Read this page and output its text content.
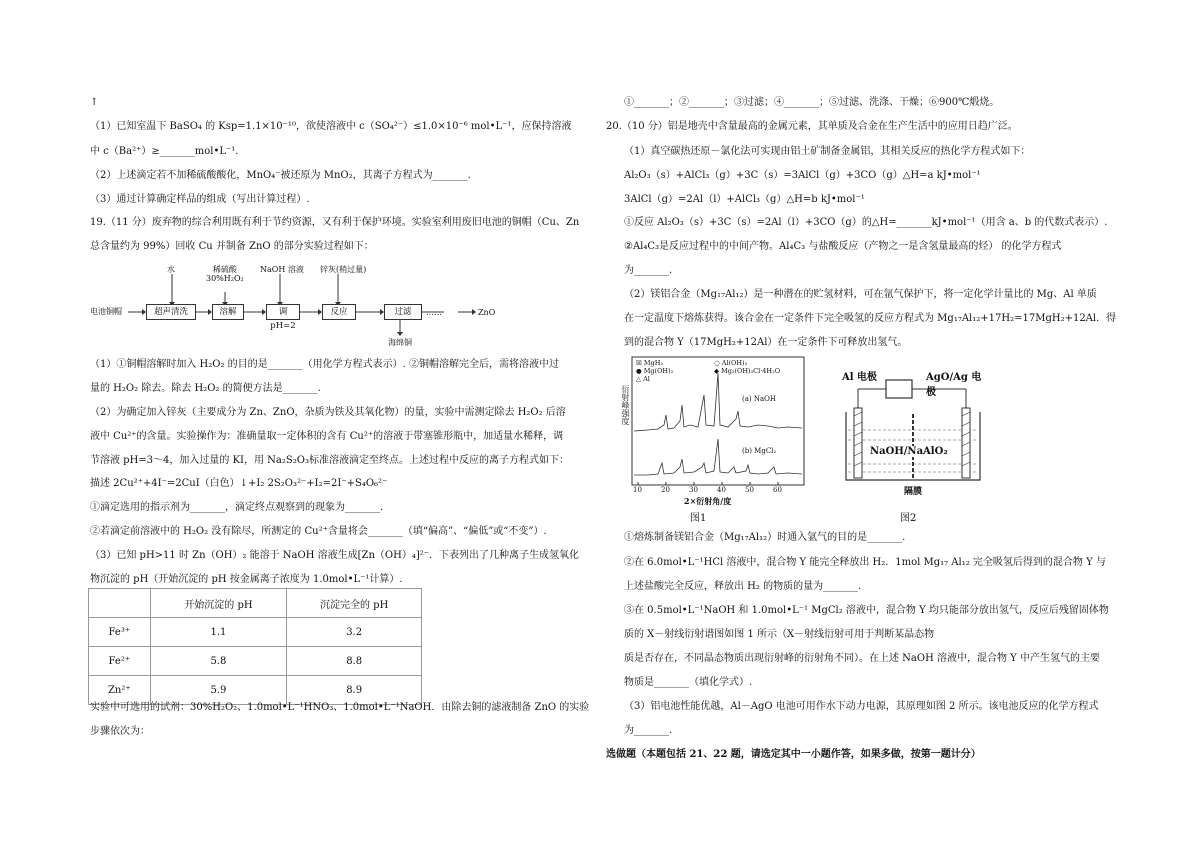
↑
（1）已知室温下 BaSO₄ 的 Ksp=1.1×10⁻¹⁰，欲使溶液中 c（SO₄²⁻）≤1.0×10⁻⁶ mol•L⁻¹，应保持溶液
中 c（Ba²⁺）≥_______mol•L⁻¹.
（2）上述滴定若不加稀硫酸酸化，MnO₄⁻被还原为 MnO₂，其离子方程式为_______.
（3）通过计算确定样品的组成（写出计算过程）.
19.（11 分）废弃物的综合利用既有利于节约资源，又有利于保护环境。实验室利用废旧电池的铜帽（Cu、Zn
总含量约为 99%）回收 Cu 并制备 ZnO 的部分实验过程如下：
电池铜帽	超声清洗	溶解	调pH=2
反应	过滤
水	稀硫酸
30%H₂O₂
NaOH 溶液 锌灰(稍过量)
海绵铜
……	ZnO
（1）①铜帽溶解时加入 H₂O₂ 的目的是_______（用化学方程式表示）. ②铜帽溶解完全后，需将溶液中过
量的 H₂O₂ 除去。除去 H₂O₂ 的简便方法是_______.
（2）为确定加入锌灰（主要成分为 Zn、ZnO，杂质为铁及其氧化物）的量，实验中需测定除去 H₂O₂ 后溶
液中 Cu²⁺的含量。实验操作为：准确量取一定体积的含有 Cu²⁺的溶液于带塞锥形瓶中，加适量水稀释，调
节溶液 pH=3～4，加入过量的 KI，用 Na₂S₂O₃标准溶液滴定至终点。上述过程中反应的离子方程式如下：
描述 2Cu²⁺+4I⁻=2CuI（白色）↓+I₂ 2S₂O₃²⁻+I₂=2I⁻+S₄O₆²⁻
①滴定选用的指示剂为_______，滴定终点观察到的现象为_______.
②若滴定前溶液中的 H₂O₂ 没有除尽，所测定的 Cu²⁺含量将会_______（填“偏高”、“偏低”或“不变”）.
（3）已知 pH>11 时 Zn（OH）₂ 能溶于 NaOH 溶液生成[Zn（OH）₄]²⁻．下表列出了几种离子生成氢氧化
物沉淀的 pH（开始沉淀的 pH 按金属离子浓度为 1.0mol•L⁻¹计算）.
	开始沉淀的 pH	沉淀完全的 pH
Fe³⁺	1.1	3.2
Fe²⁺	5.8	8.8
Zn²⁺	5.9	8.9
实验中可选用的试剂：30%H₂O₂、1.0mol•L⁻¹HNO₃、1.0mol•L⁻¹NaOH．由除去铜的滤液制备 ZnO 的实验
步骤依次为：
①_______；②_______；③过滤；④_______；⑤过滤、洗涤、干燥；⑥900℃煅烧。
20.（10 分）铝是地壳中含量最高的金属元素，其单质及合金在生产生活中的应用日趋广泛。
（1）真空碳热还原－氯化法可实现由铝土矿制备金属铝，其相关反应的热化学方程式如下：
Al₂O₃（s）+AlCl₃（g）+3C（s）=3AlCl（g）+3CO（g）△H=a kJ•mol⁻¹
3AlCl（g）=2Al（l）+AlCl₃（g）△H=b kJ•mol⁻¹
①反应 Al₂O₃（s）+3C（s）=2Al（l）+3CO（g）的△H=_______kJ•mol⁻¹（用含 a、b 的代数式表示）.
②Al₄C₃是反应过程中的中间产物。Al₄C₃ 与盐酸反应（产物之一是含氢量最高的烃） 的化学方程式
为_______.
（2）镁铝合金（Mg₁₇Al₁₂）是一种潜在的贮氢材料，可在氩气保护下，将一定化学计量比的 Mg、Al 单质
在一定温度下熔炼获得。该合金在一定条件下完全吸氢的反应方程式为 Mg₁₇Al₁₂+17H₂=17MgH₂+12Al．得
到的混合物 Y（17MgH₂+12Al）在一定条件下可释放出氢气。
☒ MgH₂
● Mg(OH)₂
△ Al
○ Al(OH)₃
◆ Mg₂(OH)₃Cl·4H₂O
衍射峰强度	(a) NaOH
(b) MgCl₂
10	20	30	40	50	60
2×衍射角/度
图1
Al 电极	AgO/Ag 电极
NaOH/NaAlO₂
隔膜
图2
①熔炼制备镁铝合金（Mg₁₇Al₁₂）时通入氩气的目的是_______.
②在 6.0mol•L⁻¹HCl 溶液中，混合物 Y 能完全释放出 H₂．1mol Mg₁₇ Al₁₂ 完全吸氢后得到的混合物 Y 与
上述盐酸完全反应，释放出 H₂ 的物质的量为_______.
③在 0.5mol•L⁻¹NaOH 和 1.0mol•L⁻¹ MgCl₂ 溶液中，混合物 Y 均只能部分放出氢气，反应后残留固体物
质的 X－射线衍射谱图如图 1 所示（X－射线衍射可用于判断某晶态物
质是否存在，不同晶态物质出现衍射峰的衍射角不同）。在上述 NaOH 溶液中，混合物 Y 中产生氢气的主要
物质是_______（填化学式）.
（3）铝电池性能优越，Al－AgO 电池可用作水下动力电源，其原理如图 2 所示。该电池反应的化学方程式
为_______.
选做题（本题包括 21、22 题，请选定其中一小题作答，如果多做，按第一题计分）
